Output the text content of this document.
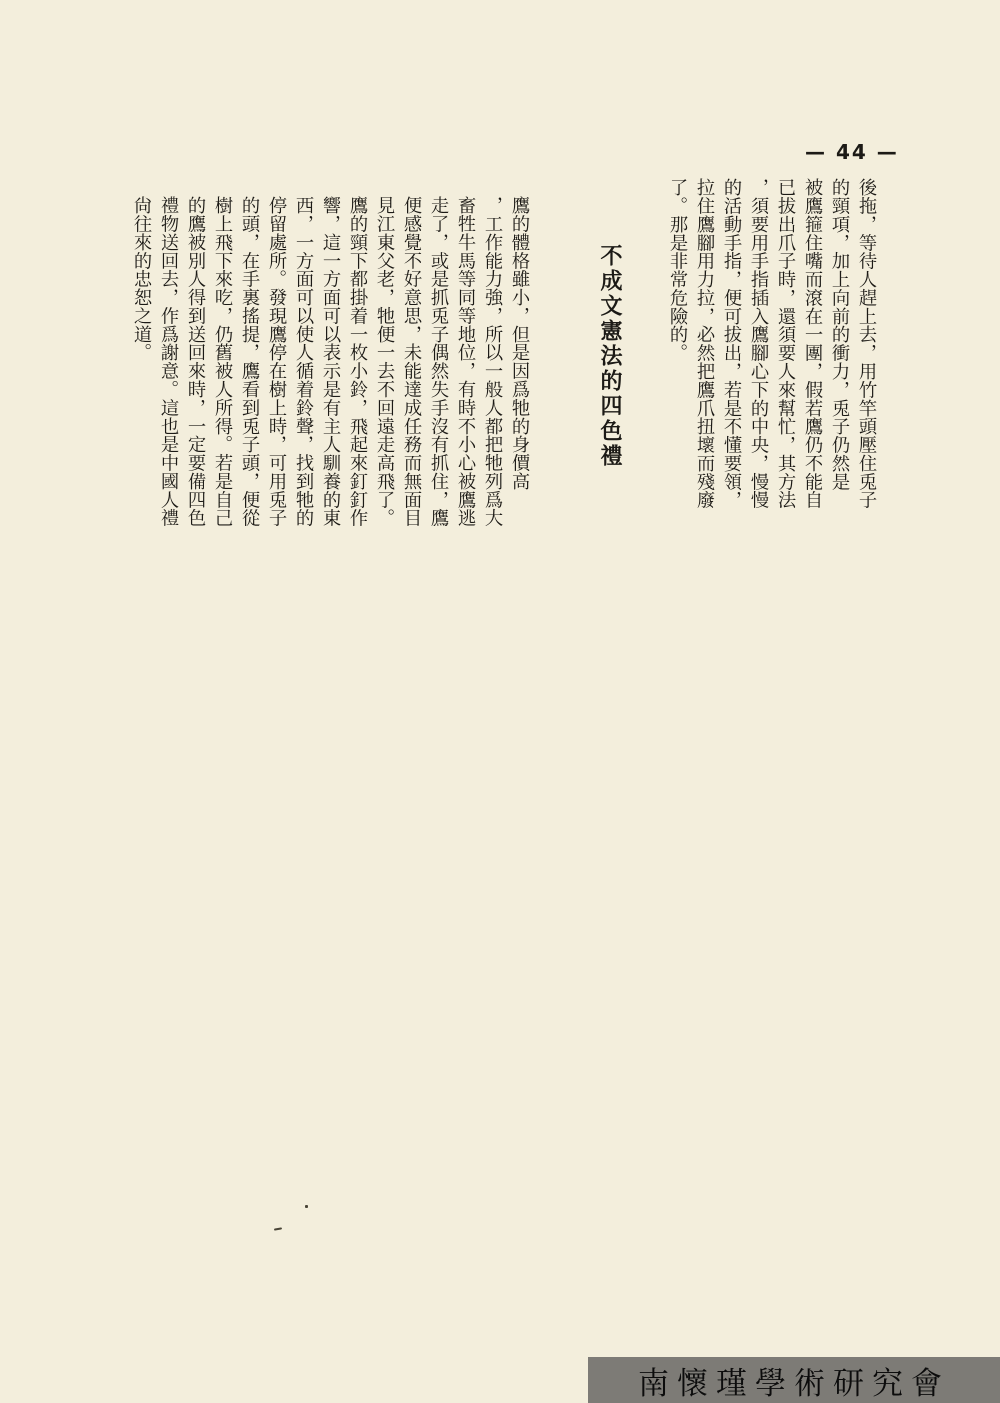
— 44 —
後拖，等待人趕上去，用竹竿頭壓住兎子
的頸項，加上向前的衝力，兎子仍然是
被鷹箍住嘴而滾在一團，假若鷹仍不能自
已拔出爪子時，還須要人來幫忙，其方法
，須要用手指插入鷹腳心下的中央，慢慢
的活動手指，便可拔出，若是不懂要領，
拉住鷹腳用力拉，必然把鷹爪扭壞而殘廢
了。那是非常危險的。
不成文憲法的四色禮

鷹的體格雖小，但是因爲牠的身價高
，工作能力強，所以一般人都把牠列爲大
畜牲牛馬等同等地位，有時不小心被鷹逃
走了，或是抓兎子偶然失手沒有抓住，鷹
便感覺不好意思，未能達成任務而無面目
見江東父老，牠便一去不回遠走高飛了。
鷹的頸下都掛着一枚小鈴，飛起來釘釘作
響，這一方面可以表示是有主人馴養的東
西，一方面可以使人循着鈴聲，找到牠的
停留處所。發現鷹停在樹上時，可用兎子
的頭，在手裏搖提，鷹看到兎子頭，便從
樹上飛下來吃，仍舊被人所得。若是自己
的鷹被別人得到送回來時，一定要備四色
禮物送回去，作爲謝意。這也是中國人禮
尙往來的忠恕之道。

南懷瑾學術研究會
